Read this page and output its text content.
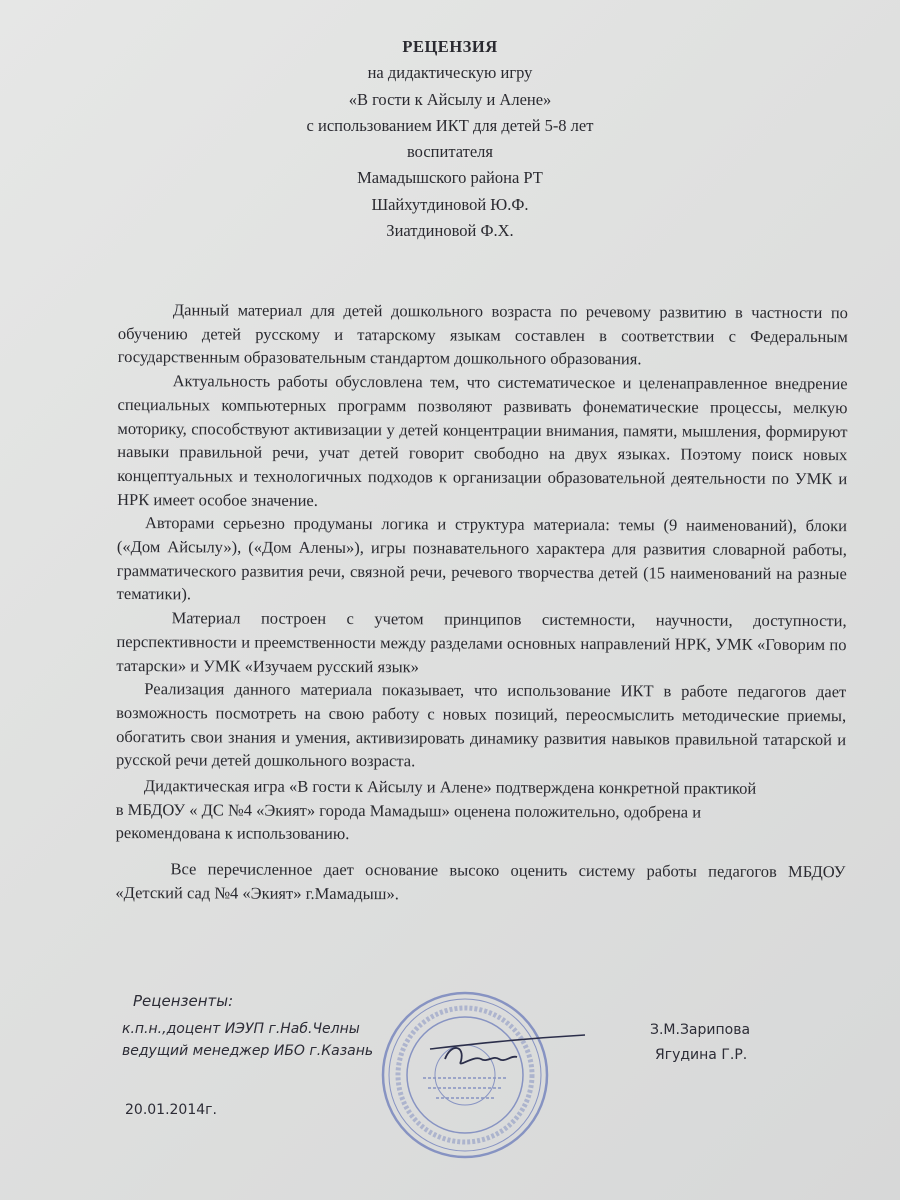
РЕЦЕНЗИЯ
на дидактическую игру
«В гости к Айсылу и Алене»
с использованием ИКТ для детей 5-8 лет
воспитателя
Мамадышского района РТ
Шайхутдиновой Ю.Ф.
Зиатдиновой Ф.Х.

Данный материал для детей дошкольного возраста по речевому развитию в частности по обучению детей русскому и татарскому языкам составлен в соответствии с Федеральным государственным образовательным стандартом дошкольного образования.

Актуальность работы обусловлена тем, что систематическое и целенаправленное внедрение специальных компьютерных программ позволяют развивать фонематические процессы, мелкую моторику, способствуют активизации у детей концентрации внимания, памяти, мышления, формируют навыки правильной речи, учат детей говорит свободно на двух языках. Поэтому поиск новых концептуальных и технологичных подходов к организации образовательной деятельности по УМК и НРК имеет особое значение.

Авторами серьезно продуманы логика и структура материала: темы (9 наименований), блоки («Дом Айсылу»), («Дом Алены»), игры познавательного характера для развития словарной работы, грамматического развития речи, связной речи, речевого творчества детей (15 наименований на разные тематики).

Материал построен с учетом принципов системности, научности, доступности, перспективности и преемственности между разделами основных направлений НРК, УМК «Говорим по татарски» и УМК «Изучаем русский язык»

Реализация данного материала показывает, что использование ИКТ в работе педагогов дает возможность посмотреть на свою работу с новых позиций, переосмыслить методические приемы, обогатить свои знания и умения, активизировать динамику развития навыков правильной татарской и русской речи детей дошкольного возраста.

Дидактическая игра «В гости к Айсылу и Алене» подтверждена конкретной практикой в МБДОУ « ДС №4 «Экият» города Мамадыш» оценена положительно, одобрена и рекомендована к использованию.

Все перечисленное дает основание высоко оценить систему работы педагогов МБДОУ «Детский сад №4 «Экият» г.Мамадыш».

Рецензенты:
к.п.н.,доцент ИЭУП г.Наб.Челны
ведущий менеджер ИБО г.Казань
З.М.Зарипова
Ягудина Г.Р.
20.01.2014г.
